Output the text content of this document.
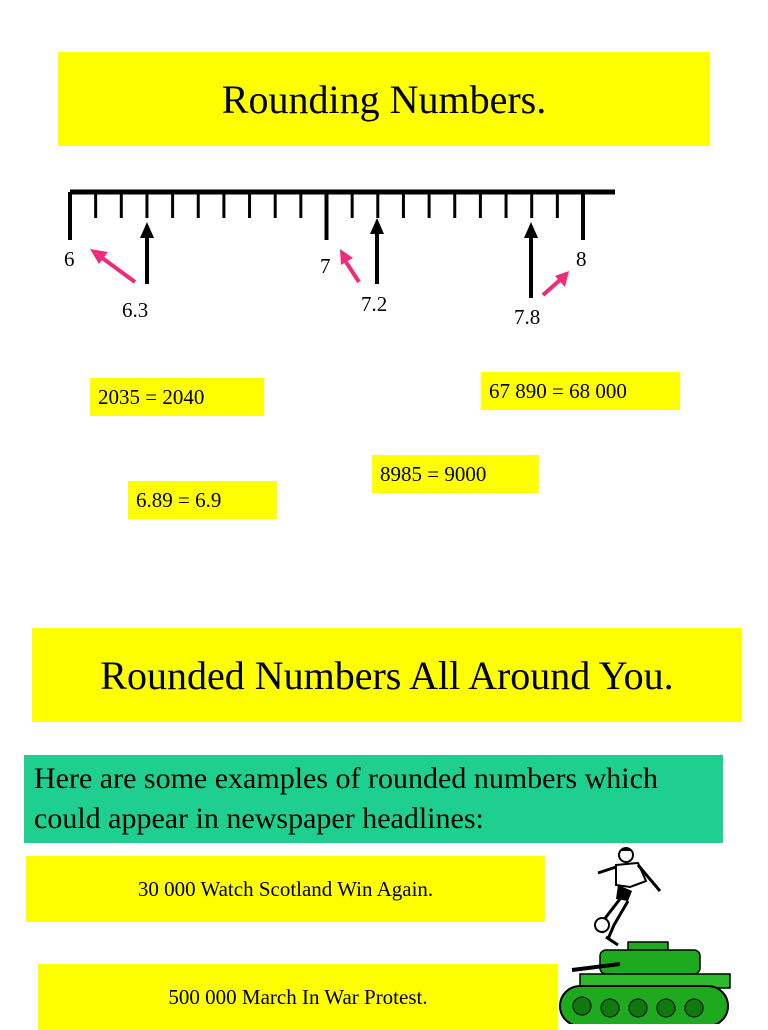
Rounding Numbers.
6	7	8
6.3	7.2
7.8
2035 = 2040	67 890 = 68 000
8985 = 9000
6.89 = 6.9
Rounded Numbers All Around You.
Here are some examples of rounded numbers which could appear in newspaper headlines:
30 000 Watch Scotland Win Again.
500 000 March In War Protest.
